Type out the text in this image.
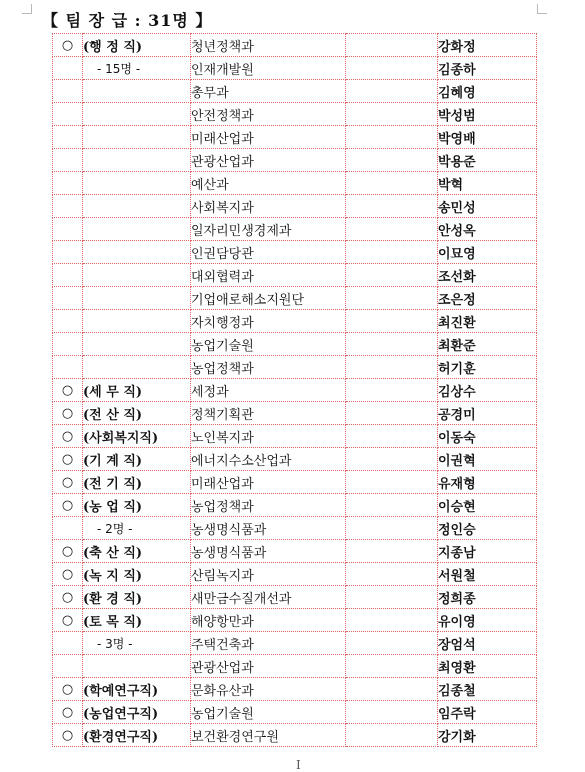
【 팀 장 급 : 31명 】
○	(행 정 직)	청년정책과		강화정
	- 15명 -	인재개발원		김종하
		총무과		김혜영
		안전정책과		박성범
		미래산업과		박영배
		관광산업과		박용준
		예산과		박혁
		사회복지과		송민성
		일자리민생경제과		안성옥
		인권담당관		이묘영
		대외협력과		조선화
		기업애로해소지원단		조은정
		자치행정과		최진환
		농업기술원		최환준
		농업정책과		허기훈
○	(세 무 직)	세정과		김상수
○	(전 산 직)	정책기획관		공경미
○	(사회복지직)	노인복지과		이동숙
○	(기 계 직)	에너지수소산업과		이권혁
○	(전 기 직)	미래산업과		유재형
○	(농 업 직)	농업정책과		이승현
	- 2명 -	농생명식품과		정인승
○	(축 산 직)	농생명식품과		지종남
○	(녹 지 직)	산림녹지과		서원철
○	(환 경 직)	새만금수질개선과		정희종
○	(토 목 직)	해양항만과		유이영
	- 3명 -	주택건축과		장엄석
		관광산업과		최영환
○	(학예연구직)	문화유산과		김종철
○	(농업연구직)	농업기술원		임주락
○	(환경연구직)	보건환경연구원		강기화
Ⅰ
